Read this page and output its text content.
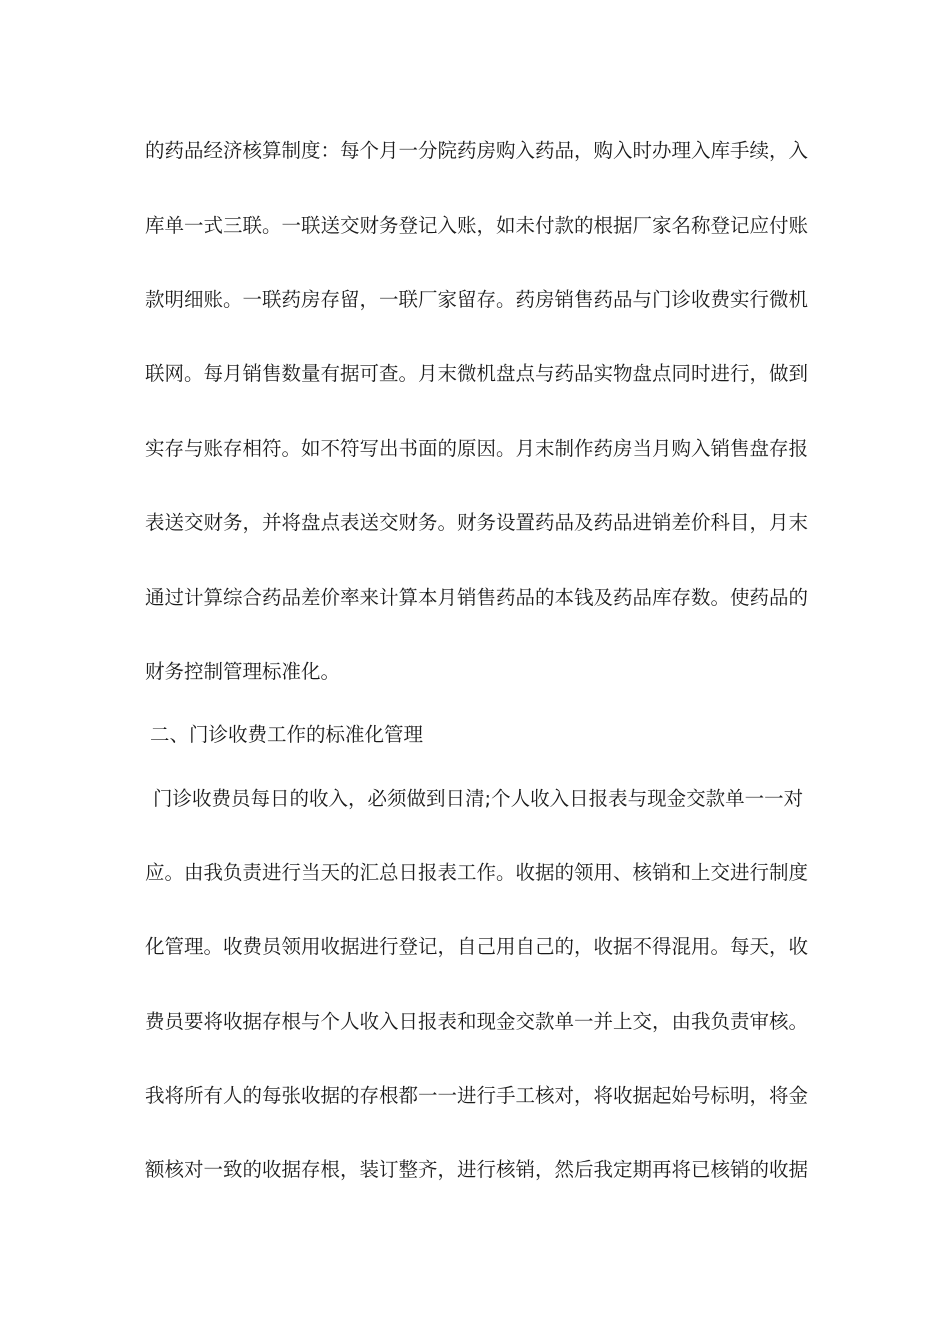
的药品经济核算制度：每个月一分院药房购入药品，购入时办理入库手续，入
库单一式三联。一联送交财务登记入账，如未付款的根据厂家名称登记应付账
款明细账。一联药房存留，一联厂家留存。药房销售药品与门诊收费实行微机
联网。每月销售数量有据可查。月末微机盘点与药品实物盘点同时进行，做到
实存与账存相符。如不符写出书面的原因。月末制作药房当月购入销售盘存报
表送交财务，并将盘点表送交财务。财务设置药品及药品进销差价科目，月末
通过计算综合药品差价率来计算本月销售药品的本钱及药品库存数。使药品的
财务控制管理标准化。
二、门诊收费工作的标准化管理
门诊收费员每日的收入，必须做到日清;个人收入日报表与现金交款单一一对
应。由我负责进行当天的汇总日报表工作。收据的领用、核销和上交进行制度
化管理。收费员领用收据进行登记，自己用自己的，收据不得混用。每天，收
费员要将收据存根与个人收入日报表和现金交款单一并上交，由我负责审核。
我将所有人的每张收据的存根都一一进行手工核对，将收据起始号标明，将金
额核对一致的收据存根，装订整齐，进行核销，然后我定期再将已核销的收据
